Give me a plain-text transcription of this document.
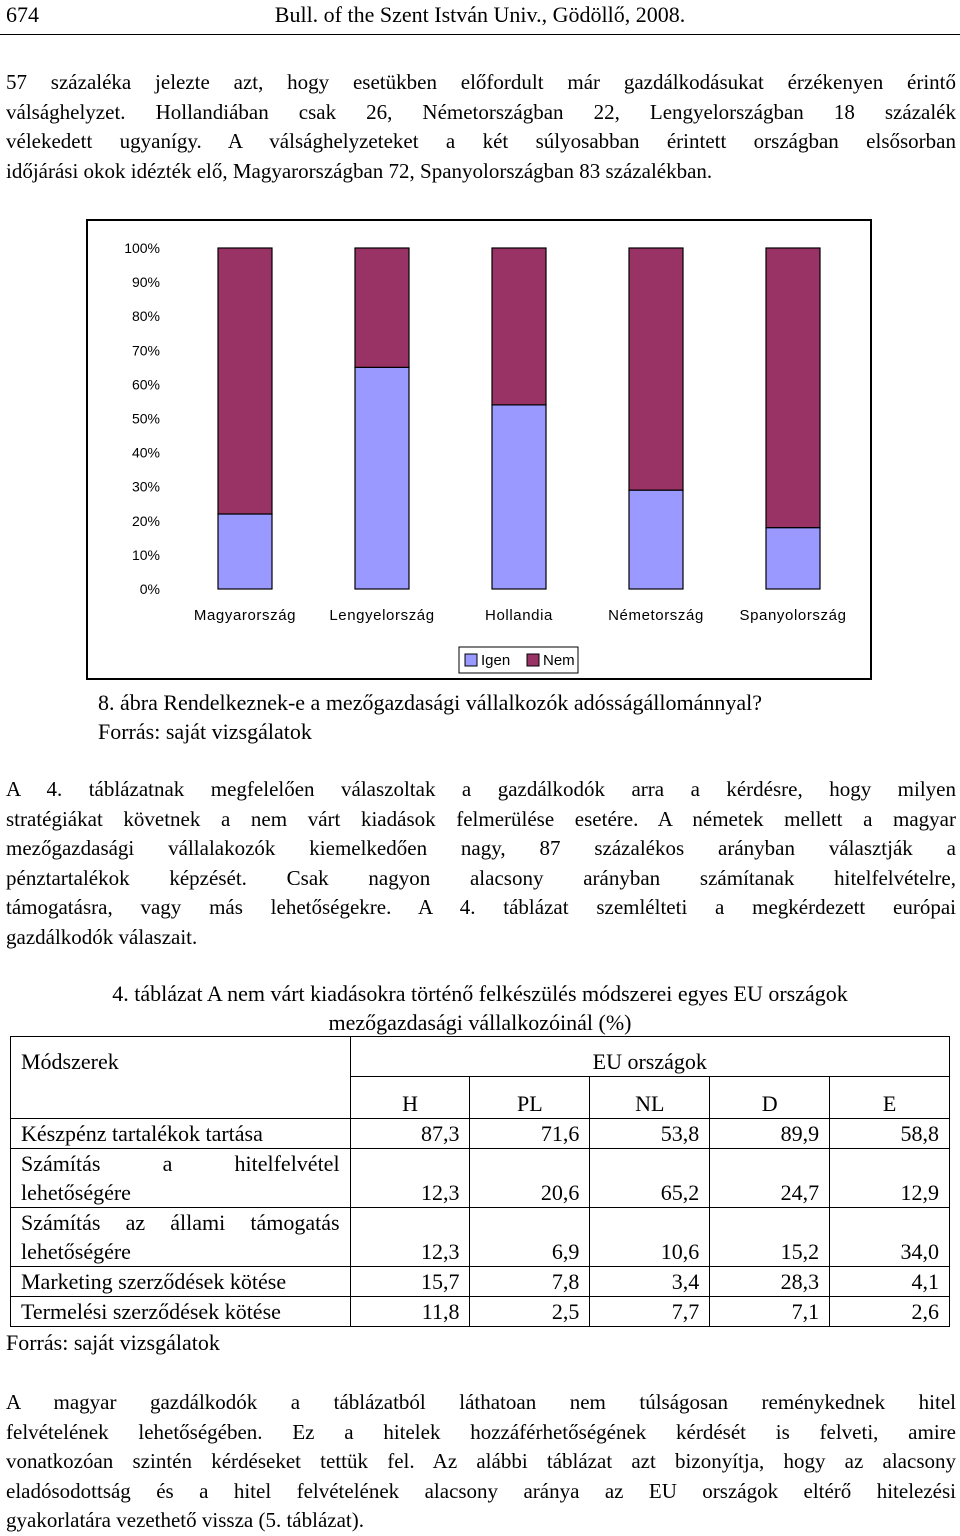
674	Bull. of the Szent István Univ., Gödöllő, 2008.

57 százaléka jelezte azt, hogy esetükben előfordult már gazdálkodásukat érzékenyen érintő
válsághelyzet. Hollandiában csak 26, Németországban 22, Lengyelországban 18 százalék
vélekedett ugyanígy. A válsághelyzeteket a két súlyosabban érintett országban elsősorban
időjárási okok idézték elő, Magyarországban 72, Spanyolországban 83 százalékban.

0%
10%
20%
30%
40%
50%
60%
70%
80%
90%
100%
Magyarország Lengyelország	Hollandia	Németország Spanyolország
Igen Nem
8. ábra Rendelkeznek-e a mezőgazdasági vállalkozók adósságállománnyal?
Forrás: saját vizsgálatok

A 4. táblázatnak megfelelően válaszoltak a gazdálkodók arra a kérdésre, hogy milyen
stratégiákat követnek a nem várt kiadások felmerülése esetére. A németek mellett a magyar
mezőgazdasági vállalakozók kiemelkedően nagy, 87 százalékos arányban választják a
pénztartalékok képzését. Csak nagyon alacsony arányban számítanak hitelfelvételre,
támogatásra, vagy más lehetőségekre. A 4. táblázat szemlélteti a megkérdezett európai
gazdálkodók válaszait.

4. táblázat A nem várt kiadásokra történő felkészülés módszerei egyes EU országok
mezőgazdasági vállalkozóinál (%)
Módszerek	EU országok				
	H	PL	NL	D	E
Készpénz tartalékok tartása	87,3	71,6	53,8	89,9	58,8

Számítás a hitelfelvétel
lehetőségére	12,3	20,6	65,2	24,7	12,9

Számítás az állami támogatás
lehetőségére	12,3	6,9	10,6	15,2	34,0
Marketing szerződések kötése	15,7	7,8	3,4	28,3	4,1
Termelési szerződések kötése	11,8	2,5	7,7	7,1	2,6
Forrás: saját vizsgálatok

A magyar gazdálkodók a táblázatból láthatoan nem túlságosan reménykednek hitel
felvételének lehetőségében. Ez a hitelek hozzáférhetőségének kérdését is felveti, amire
vonatkozóan szintén kérdéseket tettük fel. Az alábbi táblázat azt bizonyítja, hogy az alacsony
eladósodottság és a hitel felvételének alacsony aránya az EU országok eltérő hitelezési
gyakorlatára vezethető vissza (5. táblázat).
